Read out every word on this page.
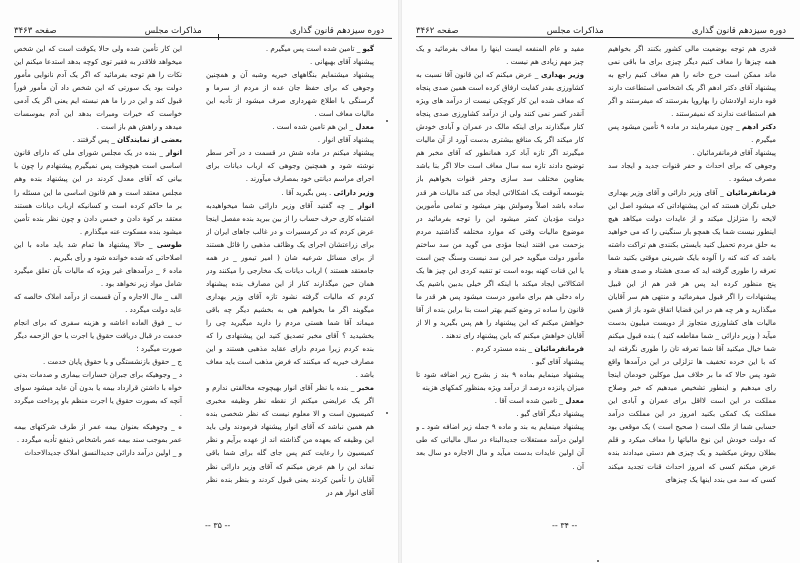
دوره سیزدهم قانون گذاری
مذاکرات مجلس
صفحه ۳۴۶۳

گیو _ تامین شده است پس میگیرم .

پیشنهاد آقای بهبهانی .

پیشنهاد میشنمایم بنگاههای خیریه وشبه آن و همچنین وجوهی که برای حفظ جان عده از مردم از سرما و گرسنگی با اطلاع شهرداری صرف میشود از تأدیه این مالیات معاف است .

معدل _ این هم تامین شده است .

پیشنهاد آقای انوار .

پیشنهاد میکنم در ماده شش در قسمت د در آخر سطر نوشته شود و همچنین وجوهی که ارباب دیانات برای اجرای مراسم دیانتی خود بمصارف میآورند .

وزیر دارائی . پس بگیرید آقا .

انوار _ چه گفتید آقای وزیر دارائی شما میخواهیدبه اشتباه کاری حرف حساب را از بین ببرید بنده مفصل اینجا عرض کردم که در کرمسیرات و در غالب جاهای ایران از برای زراعتشان اجرای یک وظائف مذهبی را قائل هستند از برای مسائل شرعیه شان ( امیر تیمور _ در همه جامعتقد هستند ) ارباب دیانات یک مخارجی را میکنند ودر همان حین میگذارند کنار از این مصارف بنده پیشنهاد کردم که مالیات گرفته نشود تازه آقای وزیر بهداری میگویند اگر ما بخواهیم هی به بخشیم دیگر چه باقی میماند آقا شما هستی مردم را دارید میگیرید چی را بخشیدید ؟ آقای مخبر تصدیق کنید این پیشنهادی را که بنده کردم زیرا مردم دارای عقاید مذهبی هستند و این مصارف خیریه که میکنند که فرض مذهب است باید معاف باشد .

مخبر _ بنده با نظر آقای انوار بهیچوجه مخالفتی ندارم و اگر یک عرایضی میکنم از نقطه نظر وظیفه مخبری کمیسیون است و الا معلوم نیست که نظر شخصی بنده هم همین نباشد که آقای انوار پیشنهاد فرمودند ولی باید این وظیفه که بعهده من گذاشته اند از عهده برآیم و نظر کمیسیون را رعایت کنم پس جای گله برای شما باقی نماند این را هم عرض میکنم که آقای وزیر دارائی نظر آقایان را تأمین کردند یعنی قبول کردند و بنظر بنده نظر آقای انوار هم در

این کار تأمین شده ولی حالا یکوقت است که این شخص میخواهد فلاقدر به فقیر توی کوچه بدهد استدعا میکنم این نکات را هم توجه بفرمائید که اگر یک آدم نانوایی مأمور دولت بود یک سورتی که این شخص داد آن مأمور فوراً قبول کند و این در را ما هم نبسته ایم یعنی اگر یک آدمی خواست که خیرات ومبرات بدهد این آدم بموسسات میدهد و راهش هم باز است .

بعضی از نمایندگان _ پس گرفتند .

انوار _ بنده در یک مجلس شورای ملی که دارای قانون اساسی است هیچوقت پس نمیگیرم پیشنهادم را چون با بیانی که آقای معدل کردند در این پیشنهاد بنده وهم مجلس معتقد است و هم قانون اساسی ما این مسئله را بر ما حاکم کرده است و کسانیکه ارباب دیانات هستند معتقد بر کوة دادن و خمس دادن و چون نظر بنده تأمین میشود بنده مسکوت عنه میگذارم .

طوسی _ حالا پیشنهاد ها تمام شد باید ماده با این اصلاحاتی که شده خوانده شود و رأی بگیریم .

ماده ۶ _ درآمدهای غیر ویژه که مالیات بآن تعلق میگیرد شامل مواد زیر نخواهد بود .

الف _ مال الاجاره و آن قسمت از درآمد املاک خالصه که عاید دولت میگردد .

ب _ فوق العاده اعاشه و هزینه سفری که برای انجام خدمت در قبال دریافت حقوق یا اجرت یا حق الزحمه دیگر صورت میگیرد ؛

ج _ حقوق بازنشستگی و یا حقوق پایان خدمت .

د _ وجوهیکه برای جبران خسارات بیماری و صدمات بدنی خواه با داشتن قرارداد بیمه یا بدون آن عاید میشود سوای آنچه که بصورت حقوق یا اجرت منظم باو پرداخت میگردد .

ه _ وجوهیکه بعنوان بیمه عمر از طرف شرکتهای بیمه عمر بموجب سند بیمه عمر باشخاص ذینفع تأدیه میگردد .

و _ اولین درآمد دارائی جدیدالنسق املاک جدیدالاحداث

-- ۳۵ --
دوره سیزدهم قانون گذاری
مذاکرات مجلس
صفحه ۳۴۶۲

قدری هم توجه بوضعیت مالی کشور بکنند اگر بخواهیم همه چیزها را معاف کنیم دیگر چیزی برای ما باقی نمی ماند ممکن است خرج خانه را هم معاف کنیم راجع به پیشنهاد آقای دکتر ادهم اگر یک اشخاصی استطاعت دارند قوه دارند اولادشان را بهاروپا بفرستند که میفرستند و اگر هم استطاعت ندارند که نمیفرستند .

دکتر ادهم _ چون میفرمایند در ماده ۹ تأمین میشود پس میگیرم .

پیشنهاد آقای فرمانفرمائیان .

وجوهی که برای احداث و حفر قنوات جدید و ایجاد سد مصرف میشود .

فرمانفرمائیان _ آقای وزیر دارائی و آقای وزیر بهداری خیلی نگران هستند که این پیشنهاداتی که میشود اصل این لایحه را متزلزل میکند و از عایدات دولت میکاهد هیچ اینطور نیست شما یک همچو بار سنگینی را که می خواهید به حلق مردم تحمیل کنید بایستی بکنندی هم تراکت داشته باشد که کنه کنه را آلوده بایک شیرینی موقتی بکنید شما تعرفه را طوری گرفته اید که صدی هشتاد و صدی هفتاد و پنج منظور کرده اید پس هر قدر هم از این قبیل پیشنهادات را اگر قبول میفرمائید و منتهی هم سر آقایان میگذارید و هر چه هم در این قضایا اتفاق شود باز از همین مالیات های کشاورزی متجاوز از دویست میلیون بدست میآید ( وزیر دارائی _ شما مقاطعه کنید ) بنده قبول میکنم شما خیال میکنید آقا شما تعرفه تان را طوری نگرفته اید که با این خرده تخفیف ها تزلزلی در این درآمدها واقع شود پس حالا که ما بر خلاف میل موکلین خودمان اینجا رای میدهیم و اینطور تشخیص میدهیم که خیر وصلاح مملکت در این است لااقل برای عمران و آبادی این مملکت یک کمکی بکنید امروز در این مملکت درآمد حسابی شما از ملک است ( صحیح است ) یک موقعی بود که دولت خودش این نوع مالیاتها را معاف میکرد و قلم بطلان روش میکشید و یک چیزی هم دستی میدادند بنده عرض میکنم کسی که امروز احداث قنات تجدید میکند کسی که سد می بندد اینها یک چیزهای

مفید و عام المنفعه ایست اینها را معاف بفرمائید و یک چیز مهم زیادی هم نیست .

وزیر بهداری _ عرض میکنم که این قانون آقا نسبت به کشاورزی بقدر کفایت ارفاق کرده است همین صدی پنجاه که معاف شده این کار کوچکی نیست از درآمد های ویژه آنقدر کسر نمی کنند ولی از درآمد کشاورزی صدی پنجاه کنار میگذارند برای اینکه مالک در عمران و آبادی خودش کار میکند اگر یک منافع بیشتری بدست آورد از آن مالیات میگیرند اگر تازه آباد کرد همانطور که آقای مخبر هم توضیح دادند تازه سه سال معاف است حالا اگر بنا باشد بعناوین مختلف سد سازی وحفر قنوات بخواهیم باز بتوسعه آنوقت یک اشکالاتی ایجاد می کند مالیات هر قدر ساده باشد اصلاً وصولش بهتر میشود و تمامی مأمورین دولت مؤدیان کمتر میشود این را توجه بفرمائید در موضوع مالیات وقتی که موارد مختلفه گذاشتید مردم بزحمت می افتند اینجا مؤدی می گوید من سد ساختم مأمور دولت میگوید خیر این سد نیست وسنگ چین است یا این قنات کهنه بوده است تو تنقیه کردی این چیز ها یک اشکالاتی ایجاد میکند با اینکه اگر خیلی بدبین باشیم یک راه دخلی هم برای مامور درست میشود پس هر قدر ما قانون را ساده تر وضع کنیم بهتر است بنا براین بنده از آقا خواهش میکنم که این پیشنهاد را هم پس بگیرید و الا از آقایان خواهش میکنم که باین پیشنهاد رای ندهند .

فرمانفرمائیان _ بنده مسترد کردم .

پیشنهاد آقای گیو .

پیشنهاد مینمایم بماده ۹ بند ز بشرح زیر اضافه شود تا میزان پانزده درصد از درآمد ویژه بمنظور کمکهای هزینه

معدل _ تامین شده است آقا .

پیشنهاد دیگر آقای گیو .

پیشنهاد مینمایم یه بند و ماده ۹ جمله زیر اضافه شود ـ و اولین درآمد مستغلات جدیدالبناء در سال مالیاتی که طی آن اولین عایدات بدست میآید و مال الاجاره دو سال بعد آن .

-- ۳۴ --
